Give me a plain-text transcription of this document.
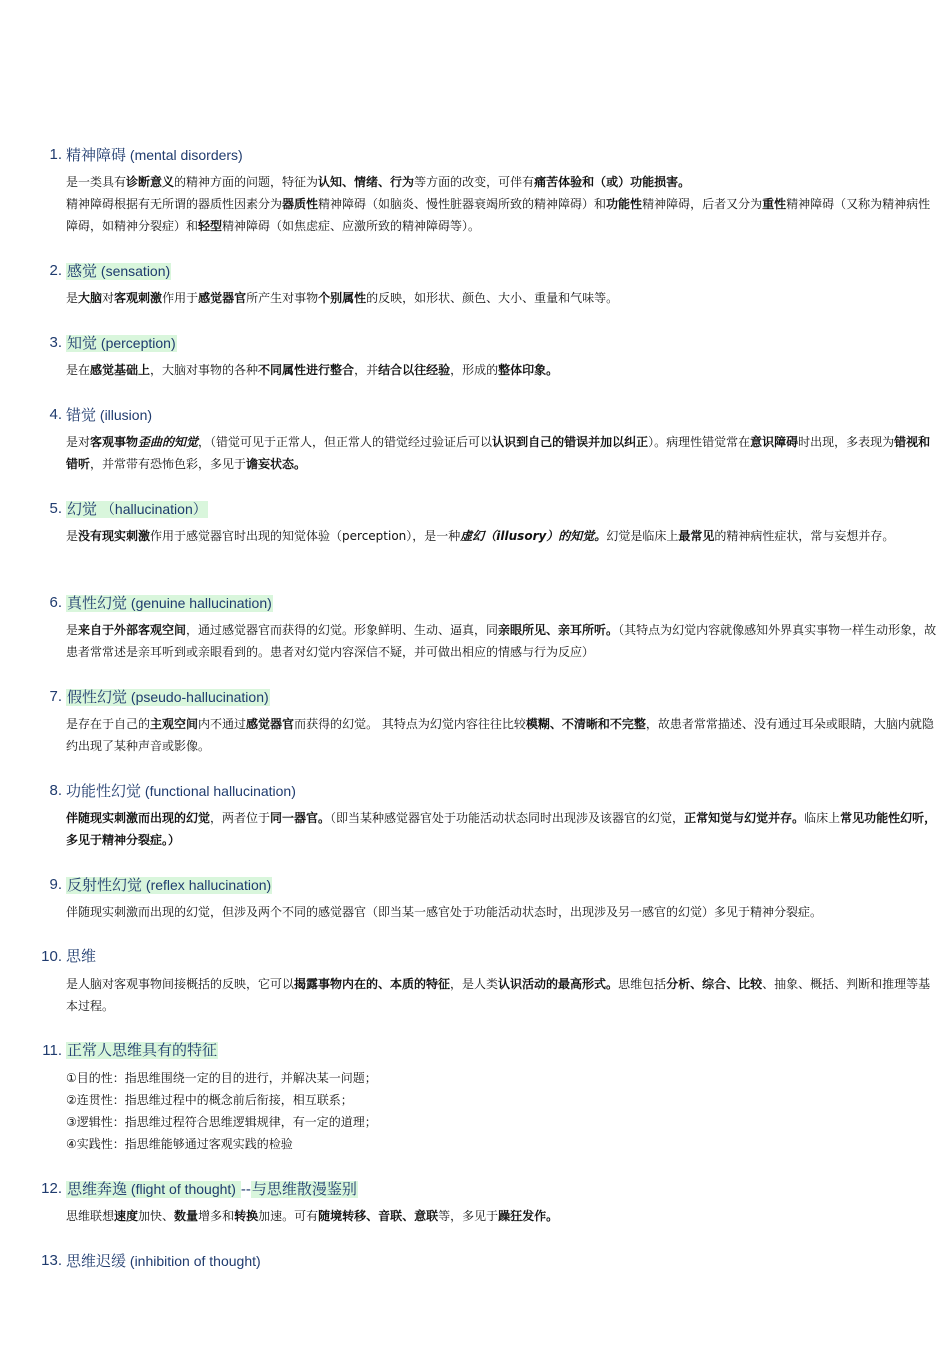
1 . 精神障碍 (mental disorders)

是一类具有诊断意义的精神方面的问题，特征为认知、情绪、行为等方面的改变，可伴有痛苦体验和（或）功能损害。

精神障碍根据有无所谓的器质性因素分为器质性精神障碍（如脑炎、慢性脏器衰竭所致的精神障碍）和功能性精神障碍，后者又分为重性精神障碍（又称为精神病性障碍，如精神分裂症）和轻型精神障碍（如焦虑症、应激所致的精神障碍等）。

2 . 感觉 (sensation)

是大脑对客观刺激作用于感觉器官所产生对事物个别属性的反映，如形状、颜色、大小、重量和气味等。

3 . 知觉 (perception)

是在感觉基础上，大脑对事物的各种不同属性进行整合，并结合以往经验，形成的整体印象。

4 . 错觉 (illusion)

是对客观事物歪曲的知觉，（错觉可见于正常人，但正常人的错觉经过验证后可以认识到自己的错误并加以纠正）。病理性错觉常在意识障碍时出现，多表现为错视和错听，并常带有恐怖色彩，多见于谵妄状态。

5 . 幻觉 （hallucination）

是没有现实刺激作用于感觉器官时出现的知觉体验（perception），是一种虚幻（illusory）的知觉。幻觉是临床上最常见的精神病性症状，常与妄想并存。

6 . 真性幻觉 (genuine hallucination)

是来自于外部客观空间，通过感觉器官而获得的幻觉。形象鲜明、生动、逼真，同亲眼所见、亲耳所听。（其特点为幻觉内容就像感知外界真实事物一样生动形象，故患者常常述是亲耳听到或亲眼看到的。患者对幻觉内容深信不疑，并可做出相应的情感与行为反应）

7 . 假性幻觉 (pseudo-hallucination)

是存在于自己的主观空间内不通过感觉器官而获得的幻觉。 其特点为幻觉内容往往比较模糊、不清晰和不完整，故患者常常描述、没有通过耳朵或眼睛，大脑内就隐约出现了某种声音或影像。

8 . 功能性幻觉 (functional hallucination)

伴随现实刺激而出现的幻觉，两者位于同一器官。（即当某种感觉器官处于功能活动状态同时出现涉及该器官的幻觉，正常知觉与幻觉并存。临床上常见功能性幻听，多见于精神分裂症。）

9 . 反射性幻觉 (reflex hallucination)

伴随现实刺激而出现的幻觉，但涉及两个不同的感觉器官（即当某一感官处于功能活动状态时，出现涉及另一感官的幻觉）多见于精神分裂症。

10 . 思维

是人脑对客观事物间接概括的反映，它可以揭露事物内在的、本质的特征，是人类认识活动的最高形式。思维包括分析、综合、比较、抽象、概括、判断和推理等基本过程。

11 . 正常人思维具有的特征

①目的性：指思维围绕一定的目的进行，并解决某一问题；

②连贯性：指思维过程中的概念前后衔接，相互联系；

③逻辑性：指思维过程符合思维逻辑规律，有一定的道理；

④实践性：指思维能够通过客观实践的检验

12 . 思维奔逸 (flight of thought) --与思维散漫鉴别

思维联想速度加快、数量增多和转换加速。可有随境转移、音联、意联等，多见于躁狂发作。

13 . 思维迟缓 (inhibition of thought)
